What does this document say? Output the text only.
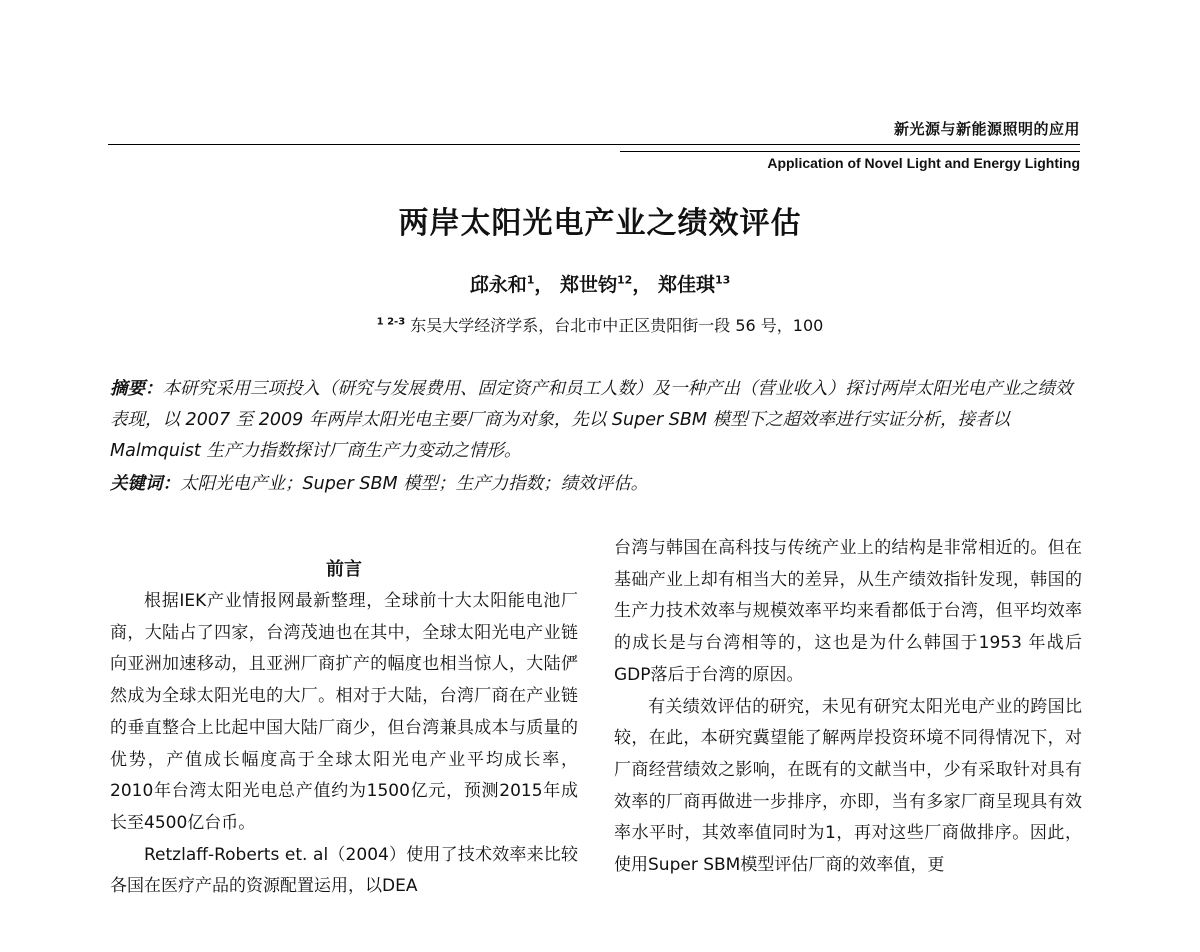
新光源与新能源照明的应用
Application of Novel Light and Energy Lighting
两岸太阳光电产业之绩效评估
邱永和$^1$， 郑世钧$^{12}$， 郑佳琪$^{13}$
$^{1 2-3}$ 东吴大学经济学系，台北市中正区贵阳街一段 56 号，100
摘要：本研究采用三项投入（研究与发展费用、固定资产和员工人数）及一种产出（营业收入）探讨两岸太阳光电产业之绩效表现，以 2007 至 2009 年两岸太阳光电主要厂商为对象，先以 Super SBM 模型下之超效率进行实证分析，接者以 Malmquist 生产力指数探讨厂商生产力变动之情形。
关键词：太阳光电产业；Super SBM 模型；生产力指数；绩效评估。
前言

根据IEK产业情报网最新整理，全球前十大太阳能电池厂商，大陆占了四家，台湾茂迪也在其中，全球太阳光电产业链向亚洲加速移动，且亚洲厂商扩产的幅度也相当惊人，大陆俨然成为全球太阳光电的大厂。相对于大陆，台湾厂商在产业链的垂直整合上比起中国大陆厂商少，但台湾兼具成本与质量的优势，产值成长幅度高于全球太阳光电产业平均成长率，2010年台湾太阳光电总产值约为1500亿元，预测2015年成长至4500亿台币。

Retzlaff-Roberts et. al（2004）使用了技术效率来比较各国在医疗产品的资源配置运用，以DEA

台湾与韩国在高科技与传统产业上的结构是非常相近的。但在基础产业上却有相当大的差异，从生产绩效指针发现，韩国的生产力技术效率与规模效率平均来看都低于台湾，但平均效率的成长是与台湾相等的，这也是为什么韩国于1953 年战后GDP落后于台湾的原因。

有关绩效评估的研究，未见有研究太阳光电产业的跨国比较，在此，本研究冀望能了解两岸投资环境不同得情况下，对厂商经营绩效之影响，在既有的文献当中，少有采取针对具有效率的厂商再做进一步排序，亦即，当有多家厂商呈现具有效率水平时，其效率值同时为1，再对这些厂商做排序。因此，使用Super SBM模型评估厂商的效率值，更
